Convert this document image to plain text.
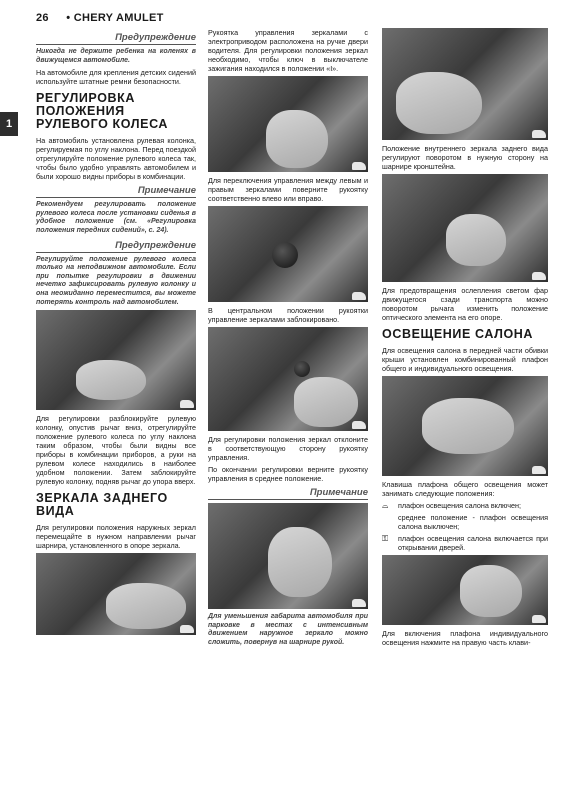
26 • CHERY AMULET
1
Предупреждение

Никогда не держите ребенка на коленях в движущемся автомобиле.

На автомобиле для крепления детских сидений используйте штатные ремни безопасности.

РЕГУЛИРОВКА ПОЛОЖЕНИЯ РУЛЕВОГО КОЛЕСА

На автомобиль установлена рулевая колонка, регулируемая по углу наклона. Перед поездкой отрегулируйте положение рулевого колеса так, чтобы было удобно управлять автомобилем и были хорошо видны приборы в комбинации.

Примечание

Рекомендуем регулировать положение рулевого колеса после установки сиденья в удобное положение (см. «Регулировка положения передних сидений», с. 24).

Предупреждение

Регулируйте положение рулевого колеса только на неподвижном автомобиле. Если при попытке регулировки в движении нечетко зафиксировать рулевую колонку и она неожиданно переместится, вы можете потерять контроль над автомобилем.

Для регулировки разблокируйте рулевую колонку, опустив рычаг вниз, отрегулируйте положение рулевого колеса по углу наклона таким образом, чтобы были видны все приборы в комбинации приборов, а руки на рулевом колесе находились в наиболее удобном положении. Затем заблокируйте рулевую колонку, подняв рычаг до упора вверх.

ЗЕРКАЛА ЗАДНЕГО ВИДА

Для регулировки положения наружных зеркал перемещайте в нужном направлении рычаг шарнира, установленного в опоре зеркала.

Рукоятка управления зеркалами с электроприводом расположена на ручке двери водителя. Для регулировки положения зеркал необходимо, чтобы ключ в выключателе зажигания находился в положении «I».

Для переключения управления между левым и правым зеркалами поверните рукоятку соответственно влево или вправо.

В центральном положении рукоятки управление зеркалами заблокировано.

Для регулировки положения зеркал отклоните в соответствующую сторону рукоятку управления.

По окончании регулировки верните рукоятку управления в среднее положение.

Примечание

Для уменьшения габарита автомобиля при парковке в местах с интенсивным движением наружное зеркало можно сложить, повернув на шарнире рукой.

Положение внутреннего зеркала заднего вида регулируют поворотом в нужную сторону на шарнире кронштейна.

Для предотвращения ослепления светом фар движущегося сзади транспорта можно поворотом рычага изменить положение оптического элемента на его опоре.

ОСВЕЩЕНИЕ САЛОНА

Для освещения салона в передней части обивки крыши установлен комбинированный плафон общего и индивидуального освещения.

Клавиша плафона общего освещения может занимать следующие положения:

⌓	плафон освещения салона включен;

среднее положение - плафон освещения салона выключен;

⚿	плафон освещения салона включается при открывании дверей.

Для включения плафона индивидуального освещения нажмите на правую часть клави-
